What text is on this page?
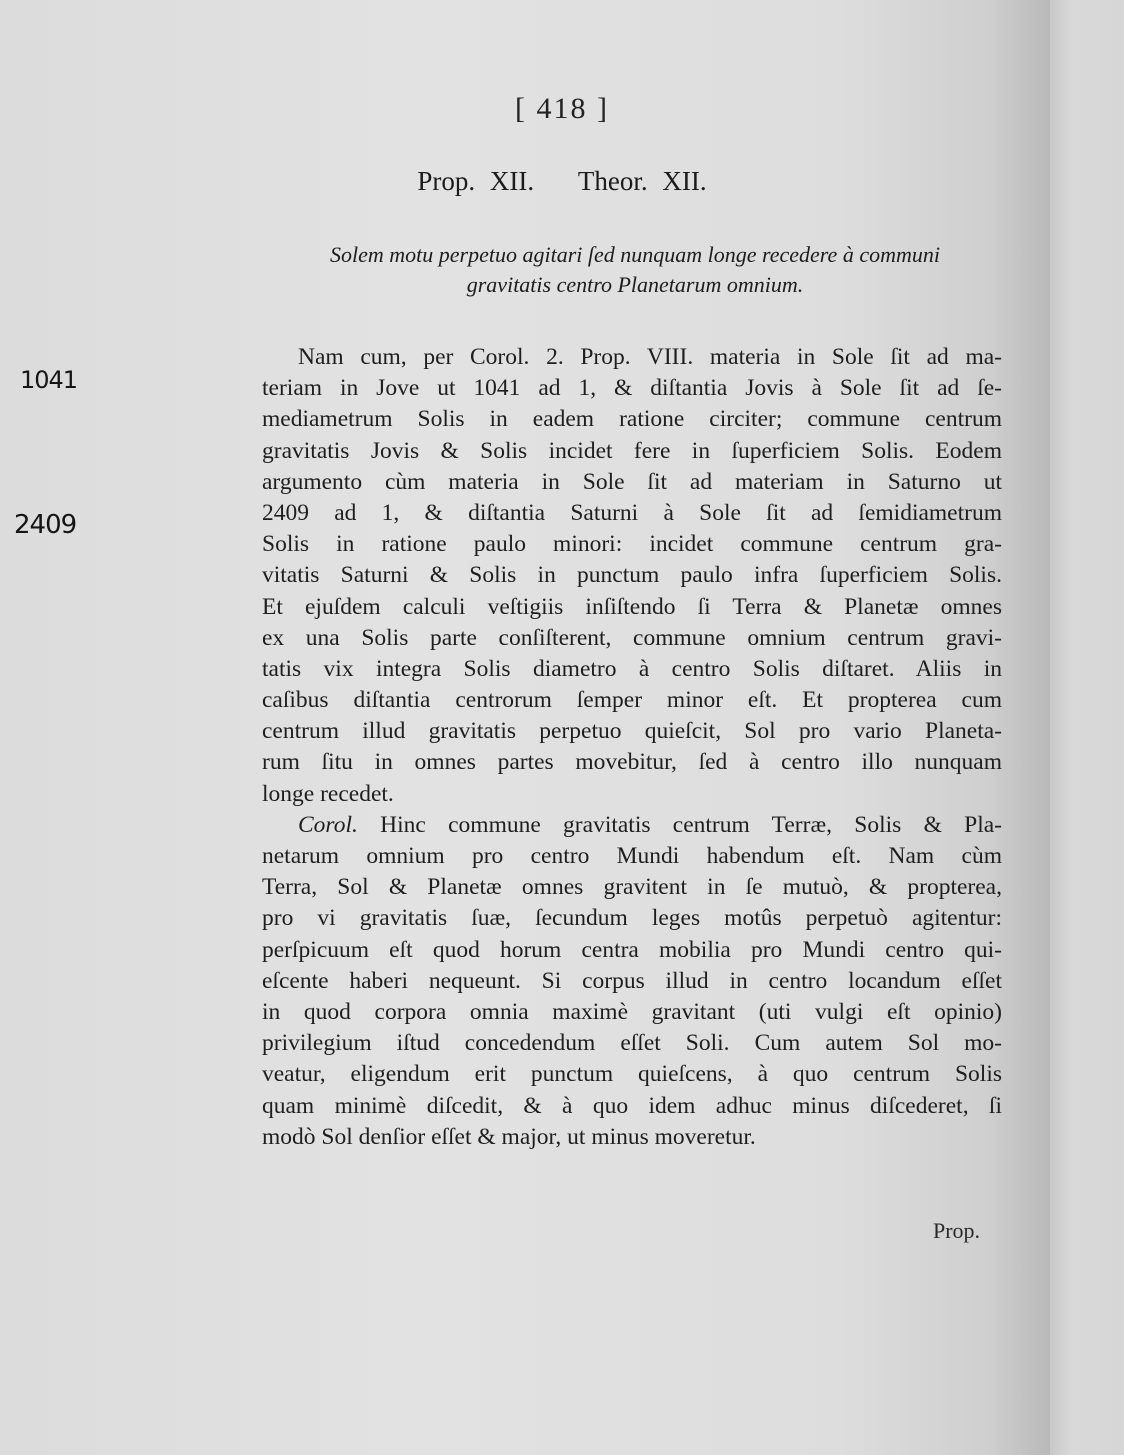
[ 418 ]
Prop. XII.   Theor. XII.
Solem motu perpetuo agitari ſed nunquam longe recedere à communi
gravitatis centro Planetarum omnium.
Nam cum, per Corol. 2. Prop. VIII. materia in Sole ſit ad ma-
teriam in Jove ut 1041 ad 1, & diſtantia Jovis à Sole ſit ad ſe-
mediametrum Solis in eadem ratione circiter; commune centrum
gravitatis Jovis & Solis incidet fere in ſuperficiem Solis. Eodem
argumento cùm materia in Sole ſit ad materiam in Saturno ut
2409 ad 1, & diſtantia Saturni à Sole ſit ad ſemidiametrum
Solis in ratione paulo minori: incidet commune centrum gra-
vitatis Saturni & Solis in punctum paulo infra ſuperficiem Solis.
Et ejuſdem calculi veſtigiis inſiſtendo ſi Terra & Planetæ omnes
ex una Solis parte conſiſterent, commune omnium centrum gravi-
tatis vix integra Solis diametro à centro Solis diſtaret. Aliis in
caſibus diſtantia centrorum ſemper minor eſt. Et propterea cum
centrum illud gravitatis perpetuo quieſcit, Sol pro vario Planeta-
rum ſitu in omnes partes movebitur, ſed à centro illo nunquam
longe recedet.
Corol. Hinc commune gravitatis centrum Terræ, Solis & Pla-
netarum omnium pro centro Mundi habendum eſt. Nam cùm
Terra, Sol & Planetæ omnes gravitent in ſe mutuò, & propterea,
pro vi gravitatis ſuæ, ſecundum leges motûs perpetuò agitentur:
perſpicuum eſt quod horum centra mobilia pro Mundi centro qui-
eſcente haberi nequeunt. Si corpus illud in centro locandum eſſet
in quod corpora omnia maximè gravitant (uti vulgi eſt opinio)
privilegium iſtud concedendum eſſet Soli. Cum autem Sol mo-
veatur, eligendum erit punctum quieſcens, à quo centrum Solis
quam minimè diſcedit, & à quo idem adhuc minus diſcederet, ſi
modò Sol denſior eſſet & major, ut minus moveretur.
1041
2409
Prop.
